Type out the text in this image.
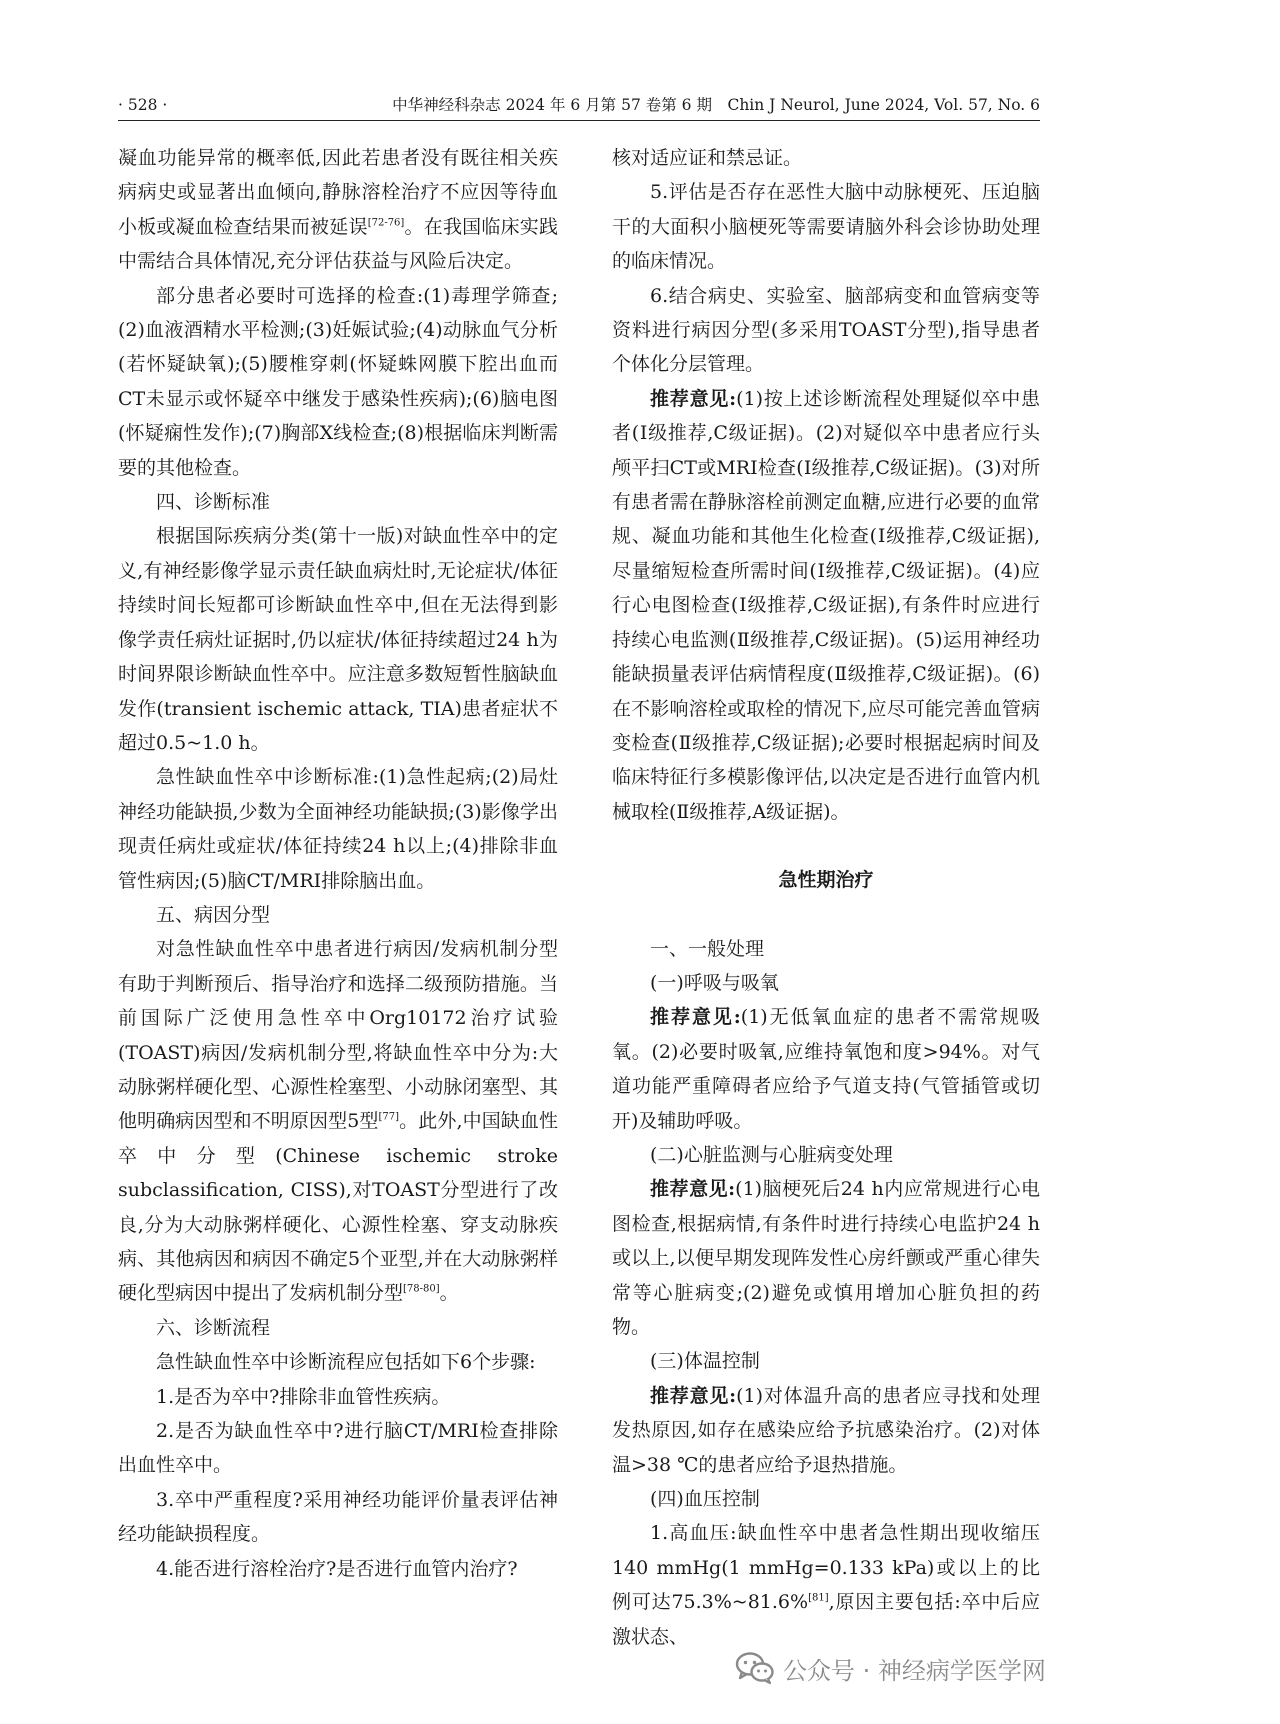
· 528 ·	中华神经科杂志 2024 年 6 月第 57 卷第 6 期　Chin J Neurol, June 2024, Vol. 57, No. 6

凝血功能异常的概率低,因此若患者没有既往相关疾病病史或显著出血倾向,静脉溶栓治疗不应因等待血小板或凝血检查结果而被延误[72-76]。在我国临床实践中需结合具体情况,充分评估获益与风险后决定。

部分患者必要时可选择的检查:(1)毒理学筛查;(2)血液酒精水平检测;(3)妊娠试验;(4)动脉血气分析(若怀疑缺氧);(5)腰椎穿刺(怀疑蛛网膜下腔出血而CT未显示或怀疑卒中继发于感染性疾病);(6)脑电图(怀疑痫性发作);(7)胸部X线检查;(8)根据临床判断需要的其他检查。

四、诊断标准

根据国际疾病分类(第十一版)对缺血性卒中的定义,有神经影像学显示责任缺血病灶时,无论症状/体征持续时间长短都可诊断缺血性卒中,但在无法得到影像学责任病灶证据时,仍以症状/体征持续超过24 h为时间界限诊断缺血性卒中。应注意多数短暂性脑缺血发作(transient ischemic attack, TIA)患者症状不超过0.5~1.0 h。

急性缺血性卒中诊断标准:(1)急性起病;(2)局灶神经功能缺损,少数为全面神经功能缺损;(3)影像学出现责任病灶或症状/体征持续24 h以上;(4)排除非血管性病因;(5)脑CT/MRI排除脑出血。

五、病因分型

对急性缺血性卒中患者进行病因/发病机制分型有助于判断预后、指导治疗和选择二级预防措施。当前国际广泛使用急性卒中Org10172治疗试验(TOAST)病因/发病机制分型,将缺血性卒中分为:大动脉粥样硬化型、心源性栓塞型、小动脉闭塞型、其他明确病因型和不明原因型5型[77]。此外,中国缺血性卒中分型(Chinese ischemic stroke subclassification, CISS),对TOAST分型进行了改良,分为大动脉粥样硬化、心源性栓塞、穿支动脉疾病、其他病因和病因不确定5个亚型,并在大动脉粥样硬化型病因中提出了发病机制分型[78-80]。

六、诊断流程

急性缺血性卒中诊断流程应包括如下6个步骤:

1.是否为卒中?排除非血管性疾病。

2.是否为缺血性卒中?进行脑CT/MRI检查排除出血性卒中。

3.卒中严重程度?采用神经功能评价量表评估神经功能缺损程度。

4.能否进行溶栓治疗?是否进行血管内治疗?

核对适应证和禁忌证。

5.评估是否存在恶性大脑中动脉梗死、压迫脑干的大面积小脑梗死等需要请脑外科会诊协助处理的临床情况。

6.结合病史、实验室、脑部病变和血管病变等资料进行病因分型(多采用TOAST分型),指导患者个体化分层管理。

推荐意见:(1)按上述诊断流程处理疑似卒中患者(Ⅰ级推荐,C级证据)。(2)对疑似卒中患者应行头颅平扫CT或MRI检查(Ⅰ级推荐,C级证据)。(3)对所有患者需在静脉溶栓前测定血糖,应进行必要的血常规、凝血功能和其他生化检查(Ⅰ级推荐,C级证据),尽量缩短检查所需时间(Ⅰ级推荐,C级证据)。(4)应行心电图检查(Ⅰ级推荐,C级证据),有条件时应进行持续心电监测(Ⅱ级推荐,C级证据)。(5)运用神经功能缺损量表评估病情程度(Ⅱ级推荐,C级证据)。(6)在不影响溶栓或取栓的情况下,应尽可能完善血管病变检查(Ⅱ级推荐,C级证据);必要时根据起病时间及临床特征行多模影像评估,以决定是否进行血管内机械取栓(Ⅱ级推荐,A级证据)。

急性期治疗

一、一般处理

(一)呼吸与吸氧

推荐意见:(1)无低氧血症的患者不需常规吸氧。(2)必要时吸氧,应维持氧饱和度>94%。对气道功能严重障碍者应给予气道支持(气管插管或切开)及辅助呼吸。

(二)心脏监测与心脏病变处理

推荐意见:(1)脑梗死后24 h内应常规进行心电图检查,根据病情,有条件时进行持续心电监护24 h或以上,以便早期发现阵发性心房纤颤或严重心律失常等心脏病变;(2)避免或慎用增加心脏负担的药物。

(三)体温控制

推荐意见:(1)对体温升高的患者应寻找和处理发热原因,如存在感染应给予抗感染治疗。(2)对体温>38 ℃的患者应给予退热措施。

(四)血压控制

1.高血压:缺血性卒中患者急性期出现收缩压140 mmHg(1 mmHg=0.133 kPa)或以上的比例可达75.3%~81.6%[81],原因主要包括:卒中后应激状态、

公众号 · 神经病学医学网
